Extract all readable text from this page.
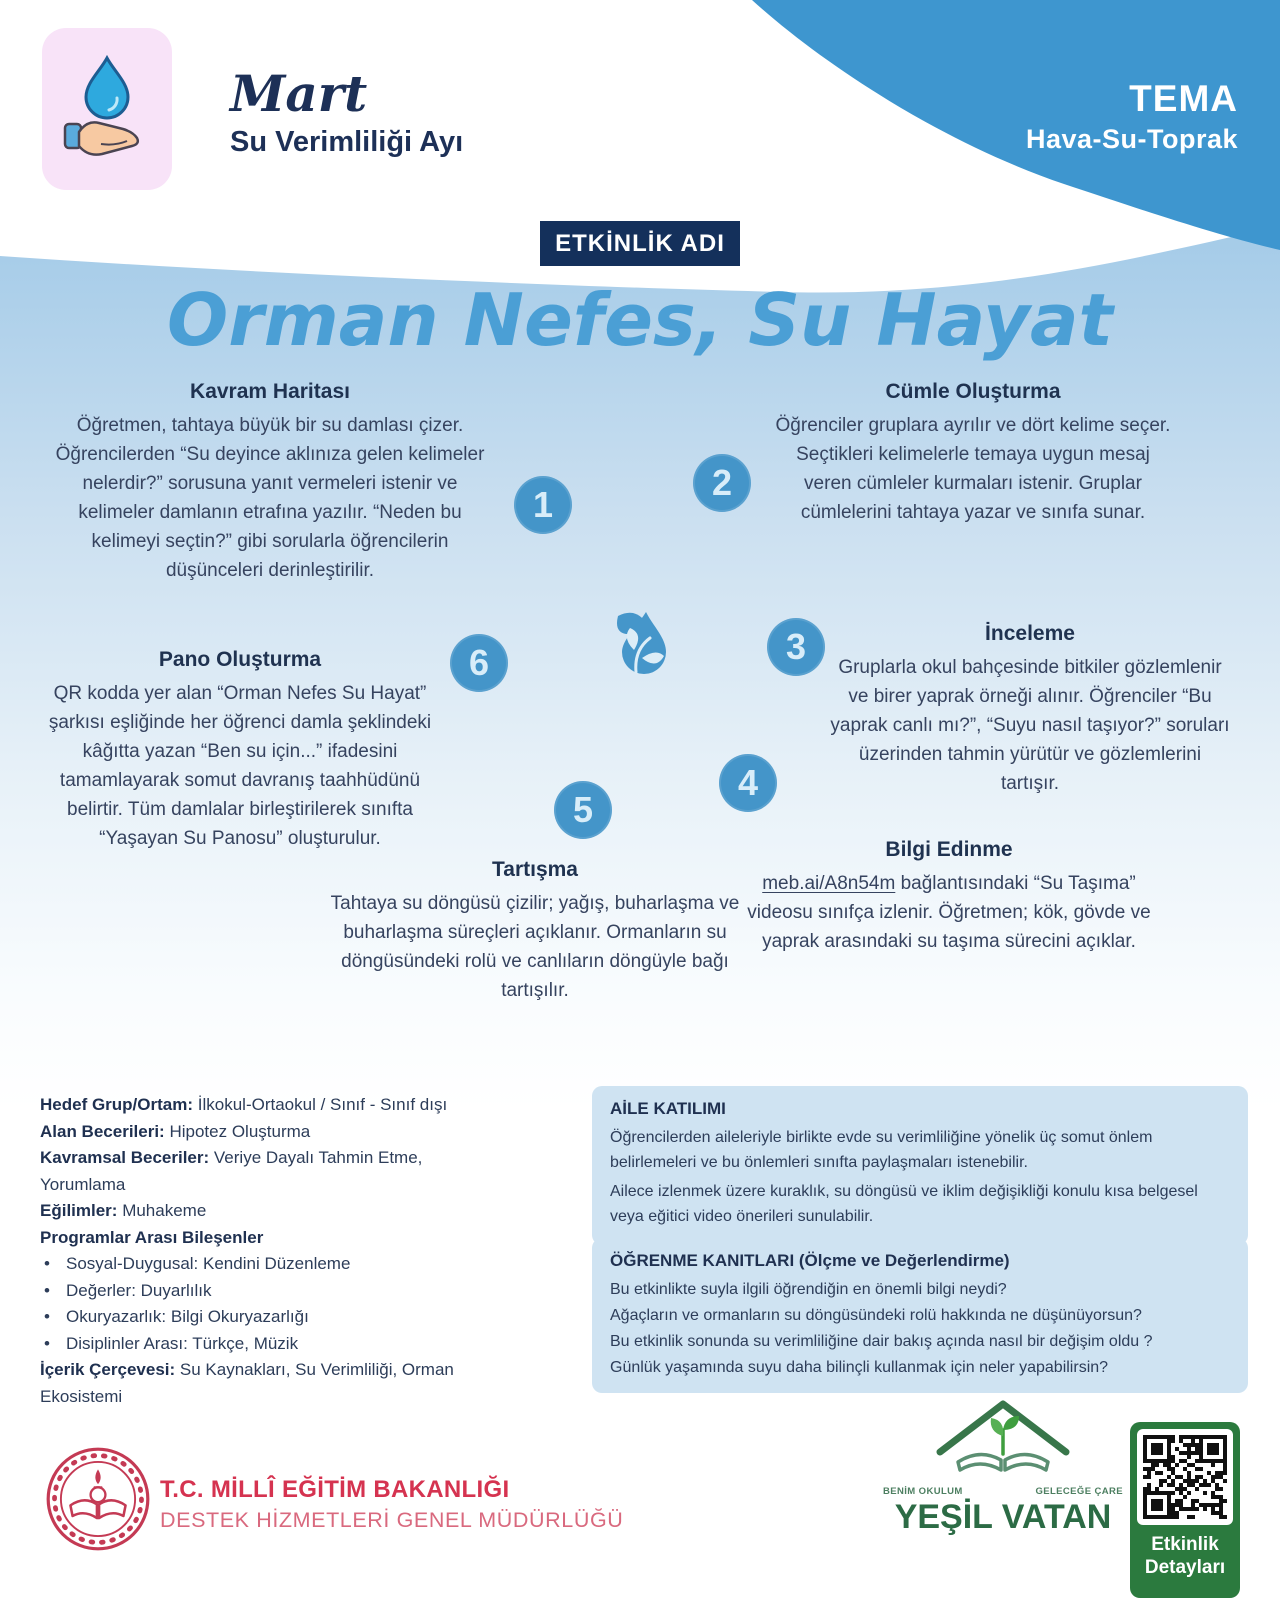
Mart
Su Verimliliği Ayı
TEMA
Hava-Su-Toprak
ETKİNLİK ADI
Orman Nefes, Su Hayat
1
2
3
4
5
6
Kavram Haritası
Öğretmen, tahtaya büyük bir su damlası çizer. Öğrencilerden “Su deyince aklınıza gelen kelimeler nelerdir?” sorusuna yanıt vermeleri istenir ve kelimeler damlanın etrafına yazılır. “Neden bu kelimeyi seçtin?” gibi sorularla öğrencilerin düşünceleri derinleştirilir.
Cümle Oluşturma
Öğrenciler gruplara ayrılır ve dört kelime seçer. Seçtikleri kelimelerle temaya uygun mesaj veren cümleler kurmaları istenir. Gruplar cümlelerini tahtaya yazar ve sınıfa sunar.
İnceleme
Gruplarla okul bahçesinde bitkiler gözlemlenir ve birer yaprak örneği alınır. Öğrenciler “Bu yaprak canlı mı?”, “Suyu nasıl taşıyor?” soruları üzerinden tahmin yürütür ve gözlemlerini tartışır.
Bilgi Edinme
meb.ai/A8n54m bağlantısındaki “Su Taşıma” videosu sınıfça izlenir. Öğretmen; kök, gövde ve yaprak arasındaki su taşıma sürecini açıklar.
Tartışma
Tahtaya su döngüsü çizilir; yağış, buharlaşma ve buharlaşma süreçleri açıklanır. Ormanların su döngüsündeki rolü ve canlıların döngüyle bağı tartışılır.
Pano Oluşturma
QR kodda yer alan “Orman Nefes Su Hayat” şarkısı eşliğinde her öğrenci damla şeklindeki kâğıtta yazan “Ben su için...” ifadesini tamamlayarak somut davranış taahhüdünü belirtir. Tüm damlalar birleştirilerek sınıfta “Yaşayan Su Panosu” oluşturulur.
Hedef Grup/Ortam: İlkokul-Ortaokul / Sınıf - Sınıf dışı
Alan Becerileri: Hipotez Oluşturma
Kavramsal Beceriler: Veriye Dayalı Tahmin Etme,
Yorumlama
Eğilimler: Muhakeme
Programlar Arası Bileşenler
• Sosyal-Duygusal: Kendini Düzenleme
• Değerler: Duyarlılık
• Okuryazarlık: Bilgi Okuryazarlığı
• Disiplinler Arası: Türkçe, Müzik
İçerik Çerçevesi: Su Kaynakları, Su Verimliliği, Orman
Ekosistemi
AİLE KATILIMI

Öğrencilerden aileleriyle birlikte evde su verimliliğine yönelik üç somut önlem belirlemeleri ve bu önlemleri sınıfta paylaşmaları istenebilir.

Ailece izlenmek üzere kuraklık, su döngüsü ve iklim değişikliği konulu kısa belgesel veya eğitici video önerileri sunulabilir.

ÖĞRENME KANITLARI (Ölçme ve Değerlendirme)

Bu etkinlikte suyla ilgili öğrendiğin en önemli bilgi neydi?

Ağaçların ve ormanların su döngüsündeki rolü hakkında ne düşünüyorsun?

Bu etkinlik sonunda su verimliliğine dair bakış açında nasıl bir değişim oldu ?

Günlük yaşamında suyu daha bilinçli kullanmak için neler yapabilirsin?

T.C. MİLLÎ EĞİTİM BAKANLIĞI
DESTEK HİZMETLERİ GENEL MÜDÜRLÜĞÜ
BENİM OKULUM	GELECEĞE ÇARE
YEŞİL VATAN
Etkinlik Detayları
